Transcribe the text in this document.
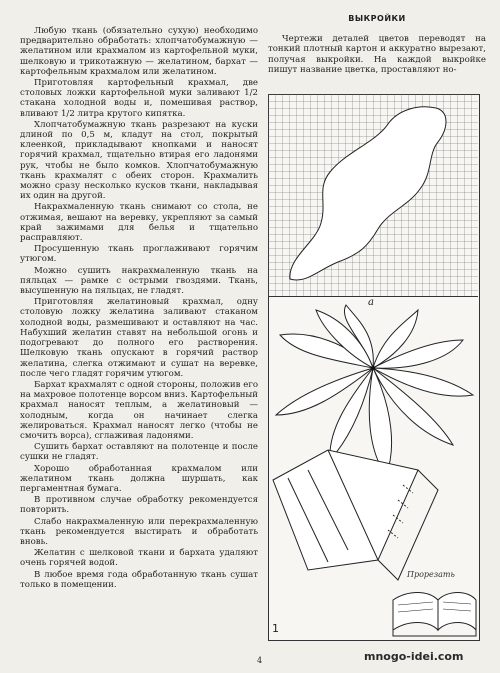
Любую ткань (обязательно сухую) необходимо предварительно обработать: хлопчатобумажную — желатином или крахмалом из картофельной муки, шелковую и трикотажную — желатином, бархат — картофельным крахмалом или желатином.

Приготовляя картофельный крахмал, две столовых ложки картофельной муки заливают 1/2 стакана холодной воды и, помешивая раствор, вливают 1/2 литра крутого кипятка.

Хлопчатобумажную ткань разрезают на куски длиной по 0,5 м, кладут на стол, покрытый клеенкой, прикладывают кнопками и наносят горячий крахмал, тщательно втирая его ладонями рук, чтобы не было комков. Хлопчатобумажную ткань крахмалят с обеих сторон. Крахмалить можно сразу несколько кусков ткани, накладывая их один на другой.

Накрахмаленную ткань снимают со стола, не отжимая, вешают на веревку, укрепляют за самый край зажимами для белья и тщательно расправляют.

Просушенную ткань проглаживают горячим утюгом.

Можно сушить накрахмаленную ткань на пяльцах — рамке с острыми гвоздями. Ткань, высушенную на пяльцах, не гладят.

Приготовляя желатиновый крахмал, одну столовую ложку желатина заливают стаканом холодной воды, размешивают и оставляют на час. Набухший желатин ставят на небольшой огонь и подогревают до полного его растворения. Шелковую ткань опускают в горячий раствор желатина, слегка отжимают и сушат на веревке, после чего гладят горячим утюгом.

Бархат крахмалят с одной стороны, положив его на махровое полотенце ворсом вниз. Картофельный крахмал наносят теплым, а желатиновый — холодным, когда он начинает слегка желироваться. Крахмал наносят легко (чтобы не смочить ворса), сглаживая ладонями.

Сушить бархат оставляют на полотенце и после сушки не гладят.

Хорошо обработанная крахмалом или желатином ткань должна шуршать, как пергаментная бумага.

В противном случае обработку рекомендуется повторить.

Слабо накрахмаленную или перекрахмаленную ткань рекомендуется выстирать и обработать вновь.

Желатин с шелковой ткани и бархата удаляют очень горячей водой.

В любое время года обработанную ткань сушат только в помещении.

ВЫКРОЙКИ

Чертежи деталей цветов переводят на тонкий плотный картон и аккуратно вырезают, получая выкройки. На каждой выкройке пишут название цветка, проставляют но-

а
Прорезать
1
4	mnogo-idei.com
